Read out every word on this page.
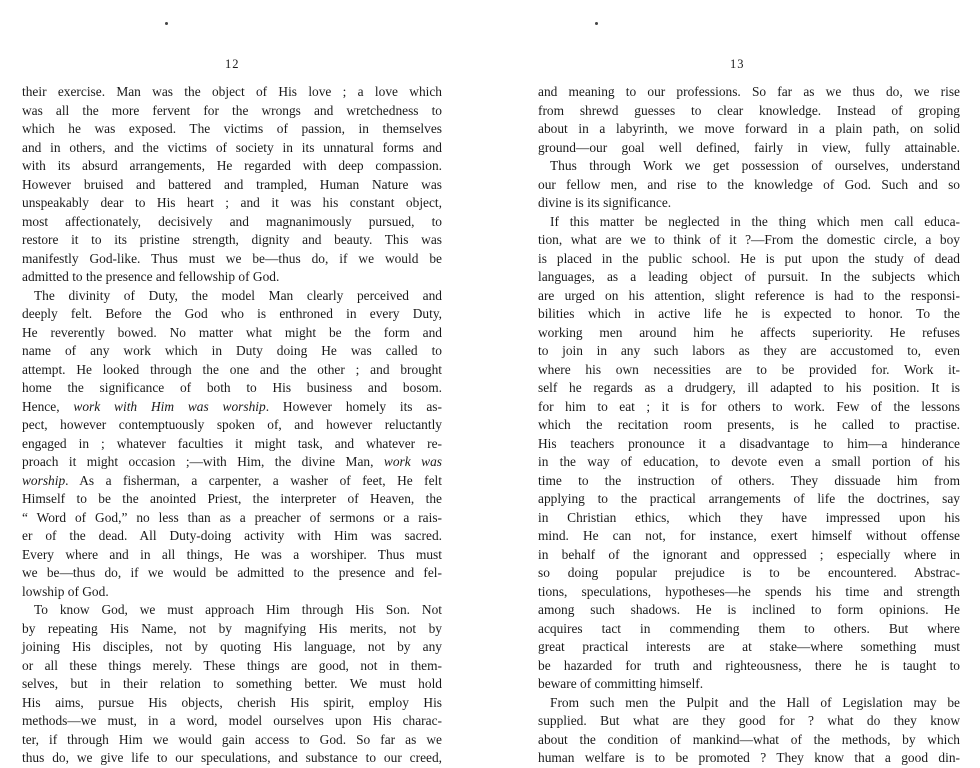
12
their exercise. Man was the object of His love ; a love which
was all the more fervent for the wrongs and wretchedness to
which he was exposed. The victims of passion, in themselves
and in others, and the victims of society in its unnatural forms and
with its absurd arrangements, He regarded with deep compassion.
However bruised and battered and trampled, Human Nature was
unspeakably dear to His heart ; and it was his constant object,
most affectionately, decisively and magnanimously pursued, to
restore it to its pristine strength, dignity and beauty. This was
manifestly God-like. Thus must we be—thus do, if we would be
admitted to the presence and fellowship of God.
The divinity of Duty, the model Man clearly perceived and
deeply felt. Before the God who is enthroned in every Duty,
He reverently bowed. No matter what might be the form and
name of any work which in Duty doing He was called to
attempt. He looked through the one and the other ; and brought
home the significance of both to His business and bosom.
Hence, work with Him was worship. However homely its as-
pect, however contemptuously spoken of, and however reluctantly
engaged in ; whatever faculties it might task, and whatever re-
proach it might occasion ;—with Him, the divine Man, work was
worship. As a fisherman, a carpenter, a washer of feet, He felt
Himself to be the anointed Priest, the interpreter of Heaven, the
“ Word of God,” no less than as a preacher of sermons or a rais-
er of the dead. All Duty-doing activity with Him was sacred.
Every where and in all things, He was a worshiper. Thus must
we be—thus do, if we would be admitted to the presence and fel-
lowship of God.
To know God, we must approach Him through His Son. Not
by repeating His Name, not by magnifying His merits, not by
joining His disciples, not by quoting His language, not by any
or all these things merely. These things are good, not in them-
selves, but in their relation to something better. We must hold
His aims, pursue His objects, cherish His spirit, employ His
methods—we must, in a word, model ourselves upon His charac-
ter, if through Him we would gain access to God. So far as we
thus do, we give life to our speculations, and substance to our creed,
13
and meaning to our professions. So far as we thus do, we rise
from shrewd guesses to clear knowledge. Instead of groping
about in a labyrinth, we move forward in a plain path, on solid
ground—our goal well defined, fairly in view, fully attainable.
Thus through Work we get possession of ourselves, understand
our fellow men, and rise to the knowledge of God. Such and so
divine is its significance.
If this matter be neglected in the thing which men call educa-
tion, what are we to think of it ?—From the domestic circle, a boy
is placed in the public school. He is put upon the study of dead
languages, as a leading object of pursuit. In the subjects which
are urged on his attention, slight reference is had to the responsi-
bilities which in active life he is expected to honor. To the
working men around him he affects superiority. He refuses
to join in any such labors as they are accustomed to, even
where his own necessities are to be provided for. Work it-
self he regards as a drudgery, ill adapted to his position. It is
for him to eat ; it is for others to work. Few of the lessons
which the recitation room presents, is he called to practise.
His teachers pronounce it a disadvantage to him—a hinderance
in the way of education, to devote even a small portion of his
time to the instruction of others. They dissuade him from
applying to the practical arrangements of life the doctrines, say
in Christian ethics, which they have impressed upon his
mind. He can not, for instance, exert himself without offense
in behalf of the ignorant and oppressed ; especially where in
so doing popular prejudice is to be encountered. Abstrac-
tions, speculations, hypotheses—he spends his time and strength
among such shadows. He is inclined to form opinions. He
acquires tact in commending them to others. But where
great practical interests are at stake—where something must
be hazarded for truth and righteousness, there he is taught to
beware of committing himself.
From such men the Pulpit and the Hall of Legislation may be
supplied. But what are they good for ? what do they know
about the condition of mankind—what of the methods, by which
human welfare is to be promoted ? They know that a good din-
